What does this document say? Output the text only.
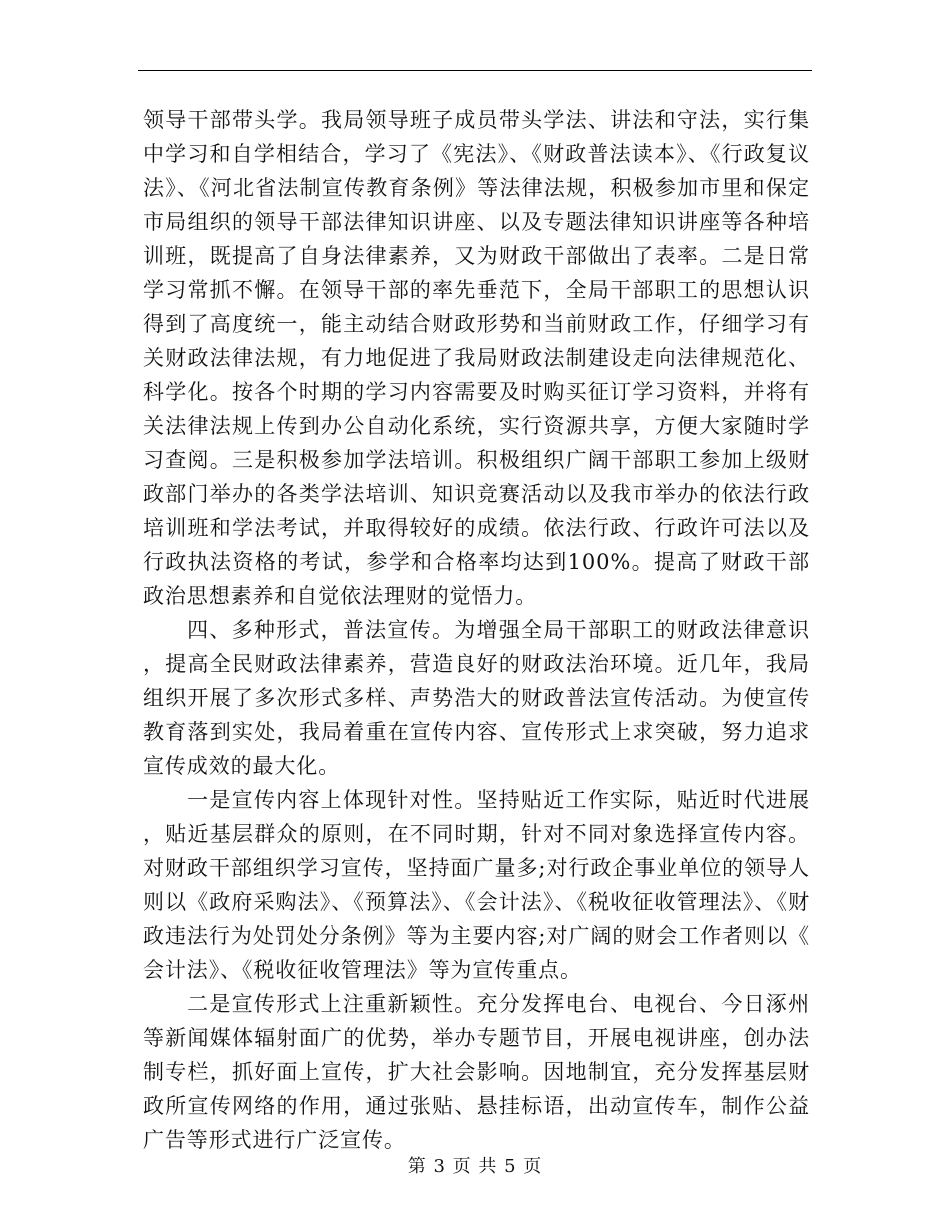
领导干部带头学。我局领导班子成员带头学法、讲法和守法，实行集中学习和自学相结合，学习了《宪法》、《财政普法读本》、《行政复议法》、《河北省法制宣传教育条例》等法律法规，积极参加市里和保定市局组织的领导干部法律知识讲座、以及专题法律知识讲座等各种培训班，既提高了自身法律素养，又为财政干部做出了表率。二是日常学习常抓不懈。在领导干部的率先垂范下，全局干部职工的思想认识得到了高度统一，能主动结合财政形势和当前财政工作，仔细学习有关财政法律法规，有力地促进了我局财政法制建设走向法律规范化、科学化。按各个时期的学习内容需要及时购买征订学习资料，并将有关法律法规上传到办公自动化系统，实行资源共享，方便大家随时学习查阅。三是积极参加学法培训。积极组织广阔干部职工参加上级财政部门举办的各类学法培训、知识竞赛活动以及我市举办的依法行政培训班和学法考试，并取得较好的成绩。依法行政、行政许可法以及行政执法资格的考试，参学和合格率均达到100%。提高了财政干部政治思想素养和自觉依法理财的觉悟力。

四、多种形式，普法宣传。为增强全局干部职工的财政法律意识，提高全民财政法律素养，营造良好的财政法治环境。近几年，我局组织开展了多次形式多样、声势浩大的财政普法宣传活动。为使宣传教育落到实处，我局着重在宣传内容、宣传形式上求突破，努力追求宣传成效的最大化。

一是宣传内容上体现针对性。坚持贴近工作实际，贴近时代进展，贴近基层群众的原则，在不同时期，针对不同对象选择宣传内容。对财政干部组织学习宣传，坚持面广量多;对行政企事业单位的领导人则以《政府采购法》、《预算法》、《会计法》、《税收征收管理法》、《财政违法行为处罚处分条例》等为主要内容;对广阔的财会工作者则以《会计法》、《税收征收管理法》等为宣传重点。

二是宣传形式上注重新颖性。充分发挥电台、电视台、今日涿州等新闻媒体辐射面广的优势，举办专题节目，开展电视讲座，创办法制专栏，抓好面上宣传，扩大社会影响。因地制宜，充分发挥基层财政所宣传网络的作用，通过张贴、悬挂标语，出动宣传车，制作公益广告等形式进行广泛宣传。

第 3 页 共 5 页
